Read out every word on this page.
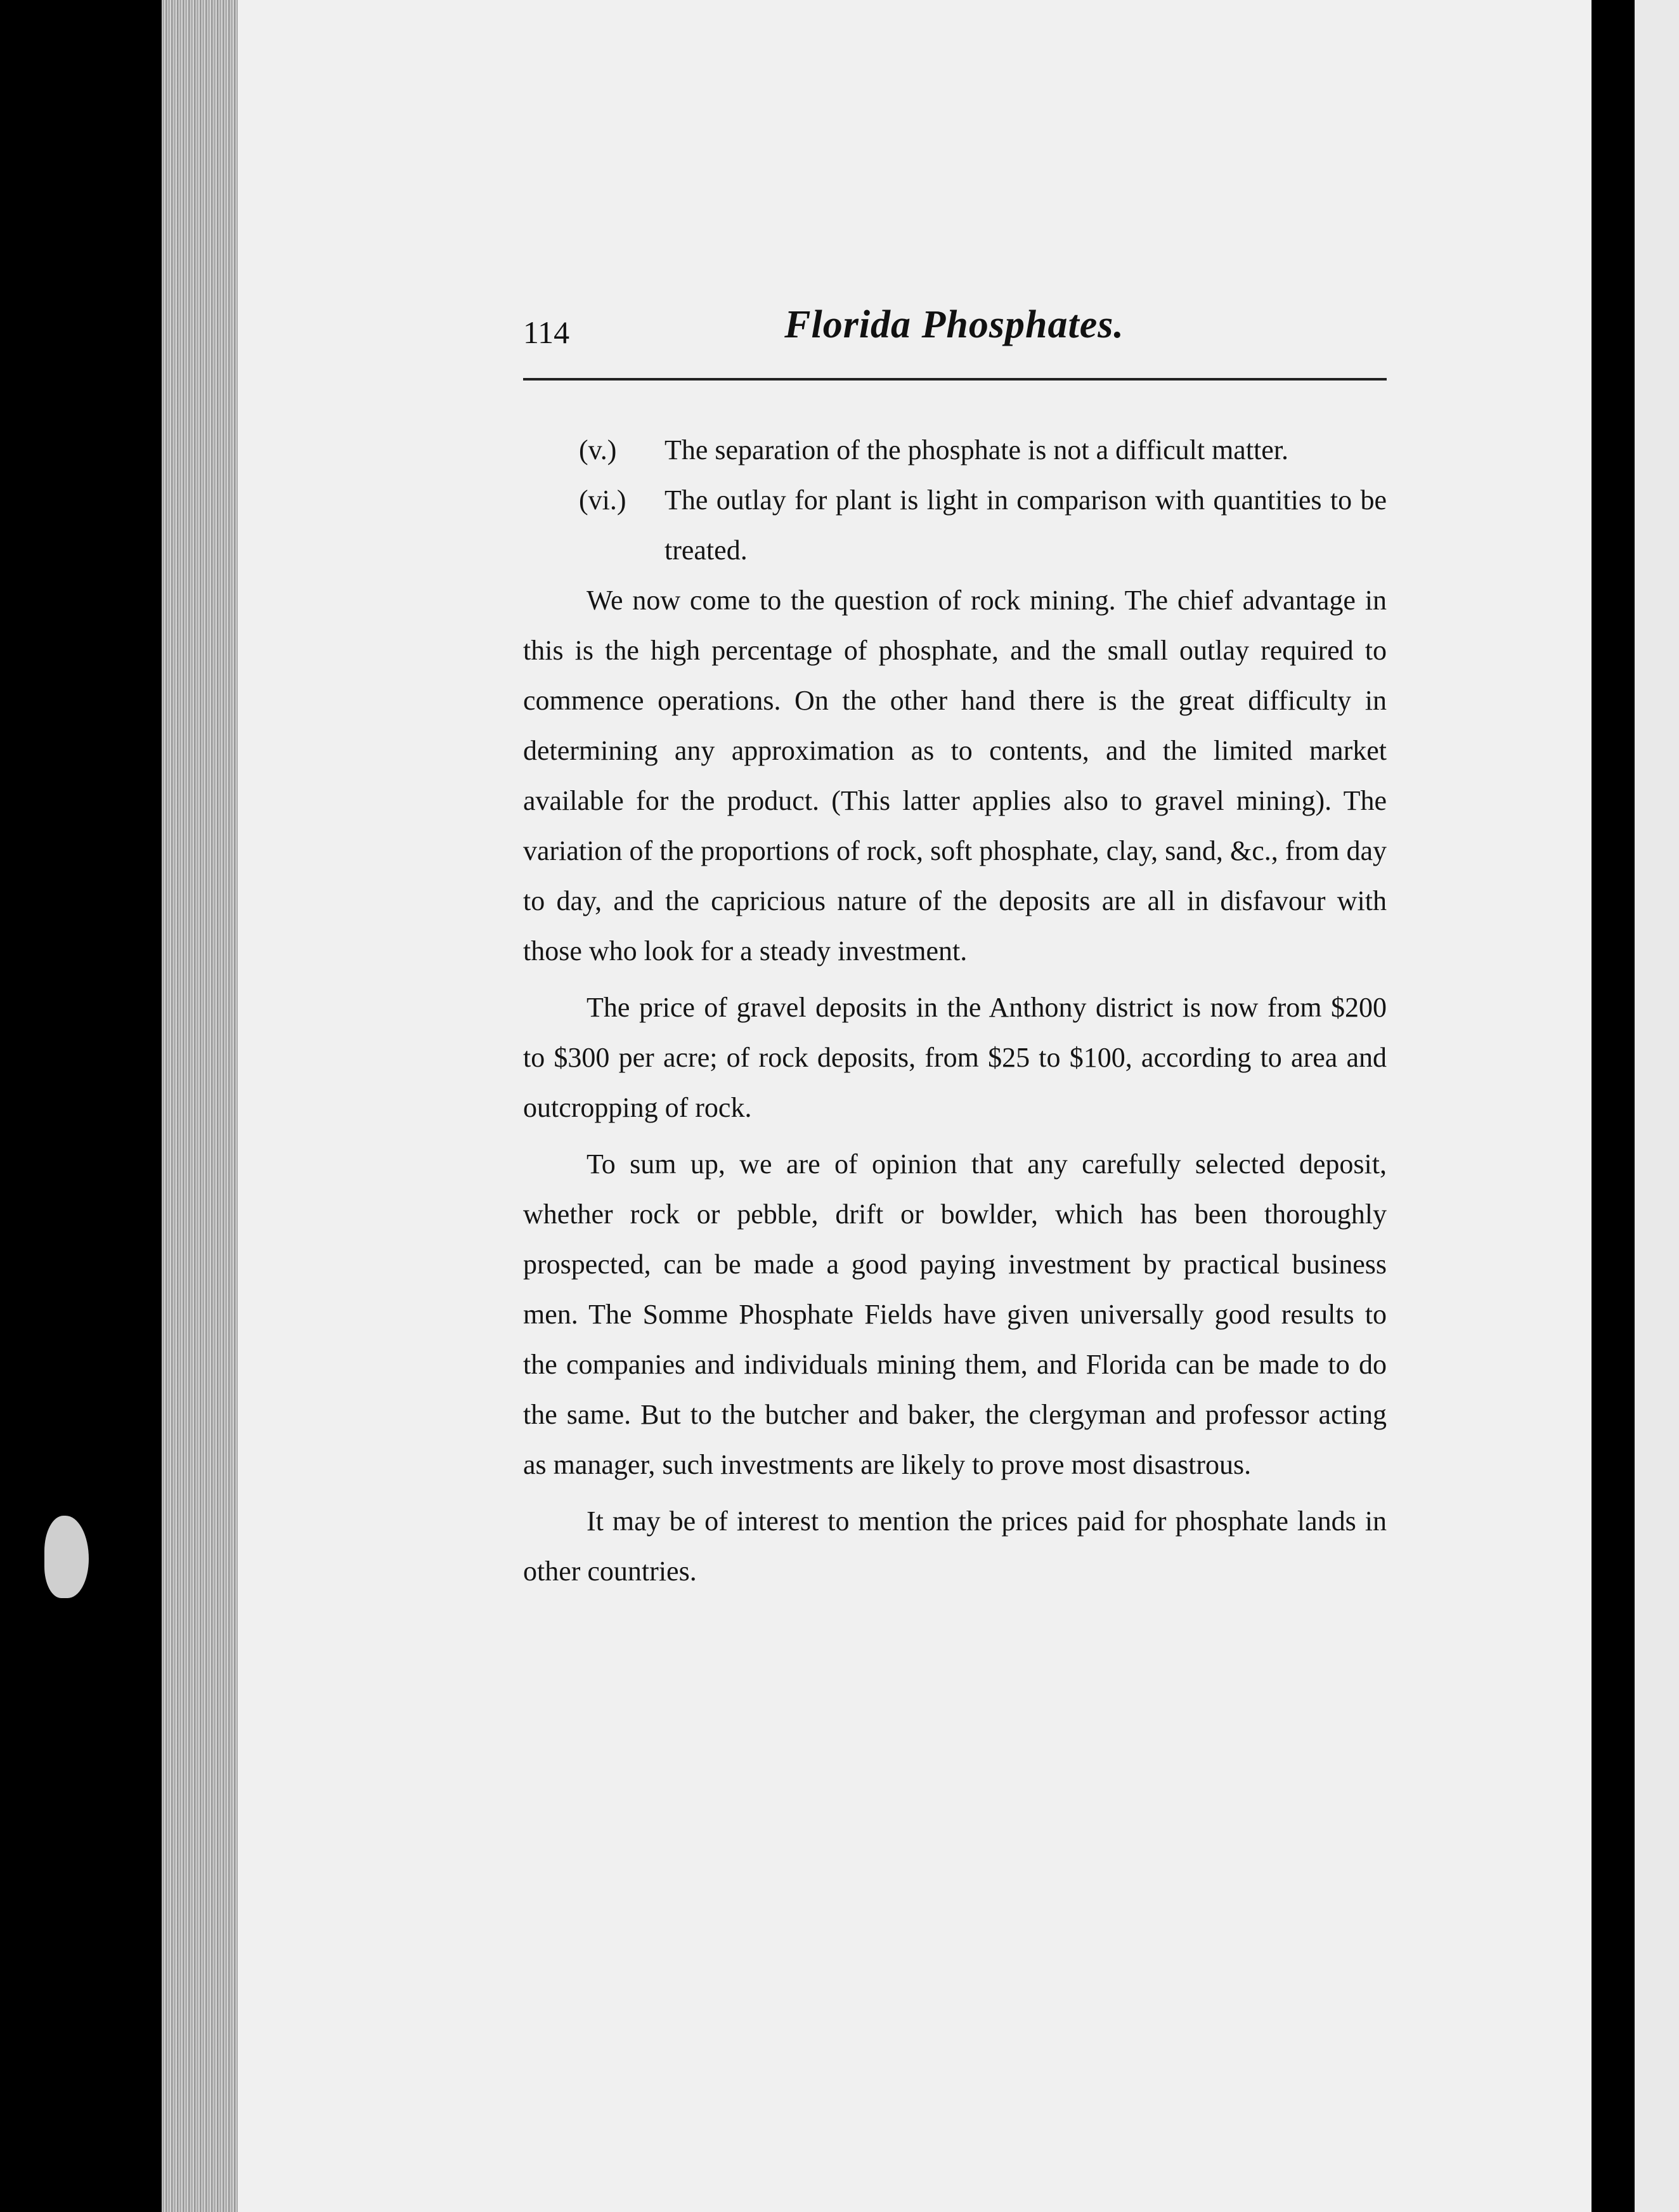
114	Florida Phosphates.
(v.)	The separation of the phosphate is not a difficult matter.
(vi.)	The outlay for plant is light in comparison with quantities to be treated.

We now come to the question of rock mining. The chief advantage in this is the high percentage of phosphate, and the small outlay required to commence operations. On the other hand there is the great difficulty in determining any approximation as to contents, and the limited market available for the product. (This latter applies also to gravel mining). The variation of the proportions of rock, soft phosphate, clay, sand, &c., from day to day, and the capricious nature of the deposits are all in disfavour with those who look for a steady investment.

The price of gravel deposits in the Anthony district is now from $200 to $300 per acre; of rock deposits, from $25 to $100, according to area and outcropping of rock.

To sum up, we are of opinion that any carefully selected deposit, whether rock or pebble, drift or bowlder, which has been thoroughly prospected, can be made a good paying investment by practical business men. The Somme Phosphate Fields have given universally good results to the companies and individuals mining them, and Florida can be made to do the same. But to the butcher and baker, the clergyman and professor acting as manager, such investments are likely to prove most disastrous.

It may be of interest to mention the prices paid for phosphate lands in other countries.
